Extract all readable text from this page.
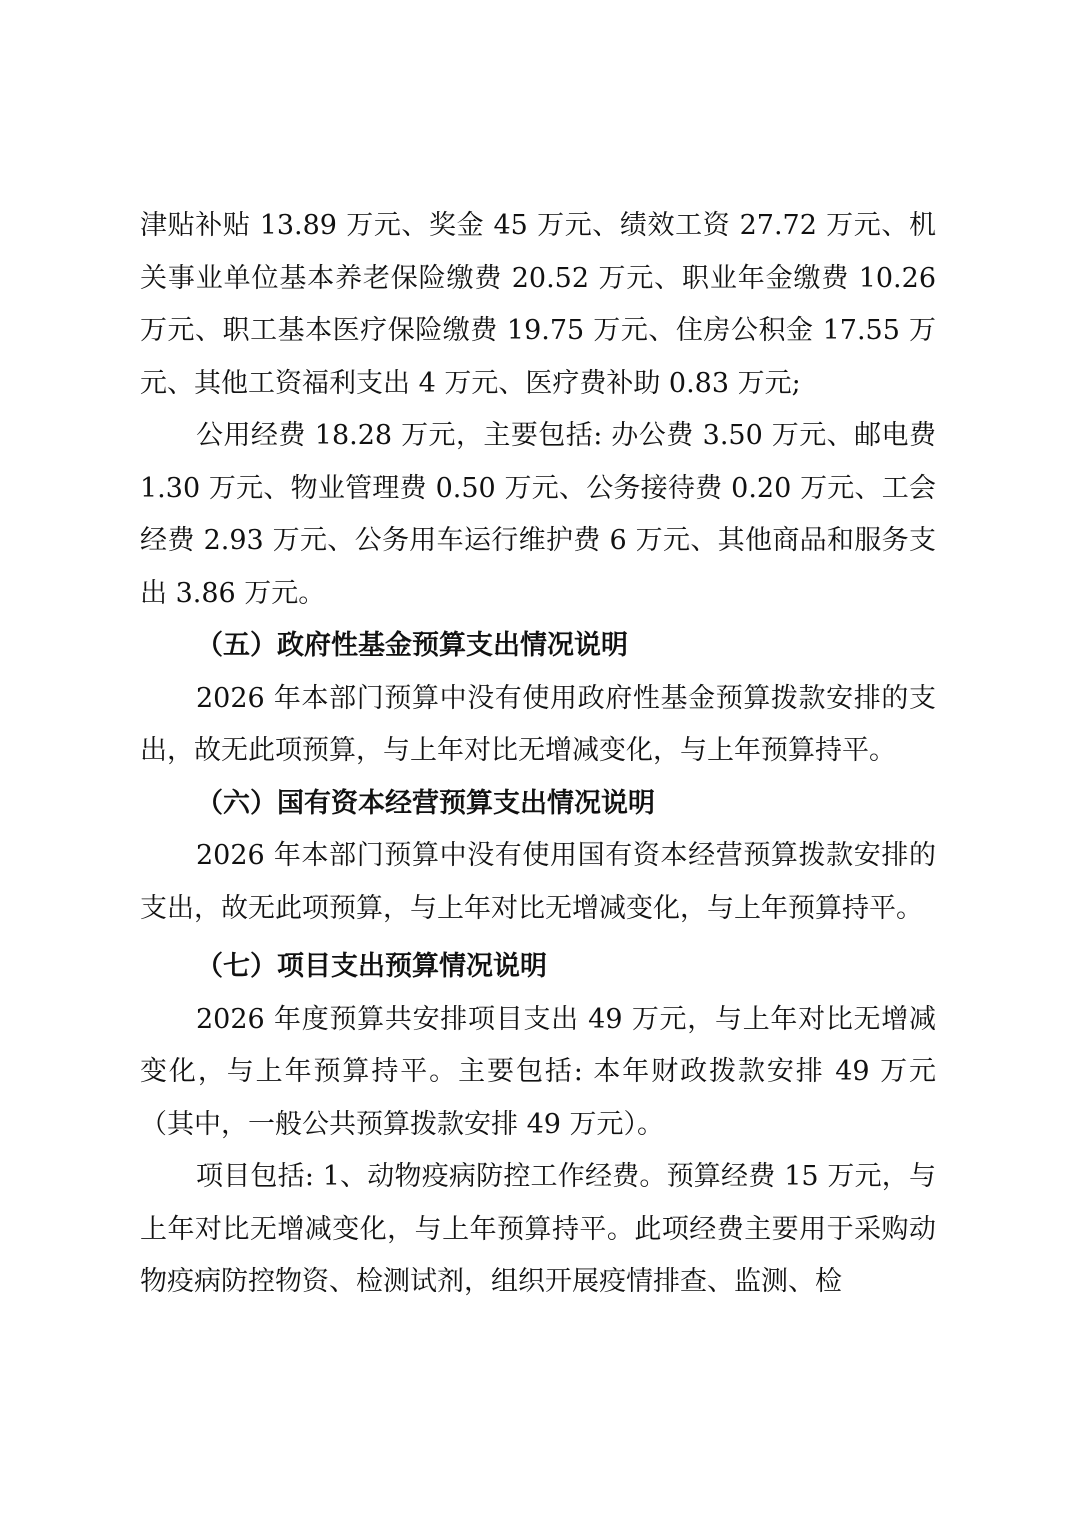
津贴补贴 13.89 万元、奖金 45 万元、绩效工资 27.72 万元、机关事业单位基本养老保险缴费 20.52 万元、职业年金缴费 10.26 万元、职工基本医疗保险缴费 19.75 万元、住房公积金 17.55 万元、其他工资福利支出 4 万元、医疗费补助 0.83 万元;

公用经费 18.28 万元，主要包括: 办公费 3.50 万元、邮电费 1.30 万元、物业管理费 0.50 万元、公务接待费 0.20 万元、工会经费 2.93 万元、公务用车运行维护费 6 万元、其他商品和服务支出 3.86 万元。

（五）政府性基金预算支出情况说明

2026 年本部门预算中没有使用政府性基金预算拨款安排的支出，故无此项预算，与上年对比无增减变化，与上年预算持平。

（六）国有资本经营预算支出情况说明

2026 年本部门预算中没有使用国有资本经营预算拨款安排的支出，故无此项预算，与上年对比无增减变化，与上年预算持平。

（七）项目支出预算情况说明

2026 年度预算共安排项目支出 49 万元，与上年对比无增减变化，与上年预算持平。主要包括: 本年财政拨款安排 49 万元（其中，一般公共预算拨款安排 49 万元）。

项目包括: 1、动物疫病防控工作经费。预算经费 15 万元，与上年对比无增减变化，与上年预算持平。此项经费主要用于采购动物疫病防控物资、检测试剂，组织开展疫情排查、监测、检
